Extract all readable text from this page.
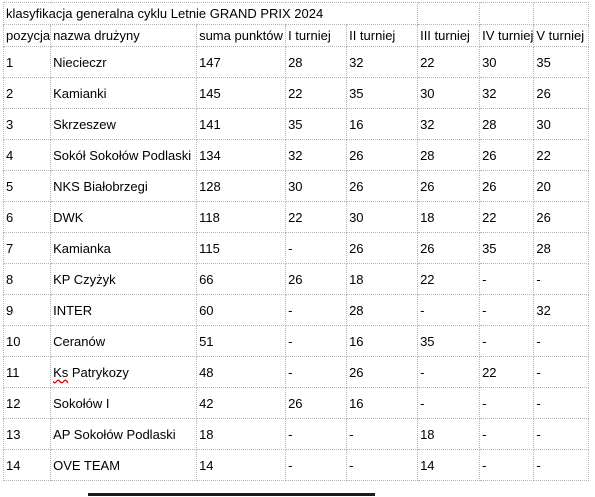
klasyfikacja generalna cyklu Letnie GRAND PRIX 2024							
pozycja	nazwa drużyny	suma punktów	I turniej	II turniej	III turniej	IV turniej	V turniej
1	Niecieczr	147	28	32	22	30	35
2	Kamianki	145	22	35	30	32	26
3	Skrzeszew	141	35	16	32	28	30
4	Sokół Sokołów Podlaski	134	32	26	28	26	22
5	NKS Białobrzegi	128	30	26	26	26	20
6	DWK	118	22	30	18	22	26
7	Kamianka	115	-	26	26	35	28
8	KP Czyżyk	66	26	18	22	-	-
9	INTER	60	-	28	-	-	32
10	Ceranów	51	-	16	35	-	-
11	Ks Patrykozy	48	-	26	-	22	-
12	Sokołów I	42	26	16	-	-	-
13	AP Sokołów Podlaski	18	-	-	18	-	-
14	OVE TEAM	14	-	-	14	-	-
